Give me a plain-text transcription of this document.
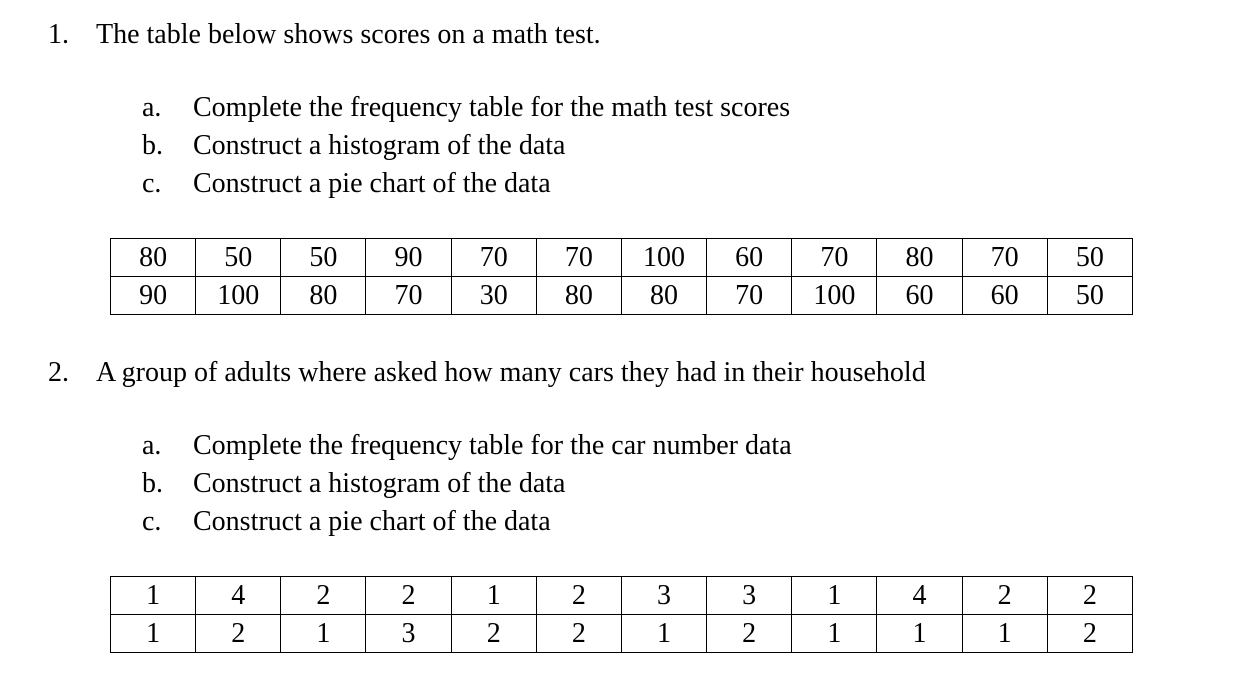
1. The table below shows scores on a math test.
a. Complete the frequency table for the math test scores
b. Construct a histogram of the data
c. Construct a pie chart of the data
80	50	50	90	70	70	100	60	70	80	70	50
90	100	80	70	30	80	80	70	100	60	60	50
2. A group of adults where asked how many cars they had in their household
a. Complete the frequency table for the car number data
b. Construct a histogram of the data
c. Construct a pie chart of the data
1	4	2	2	1	2	3	3	1	4	2	2
1	2	1	3	2	2	1	2	1	1	1	2
